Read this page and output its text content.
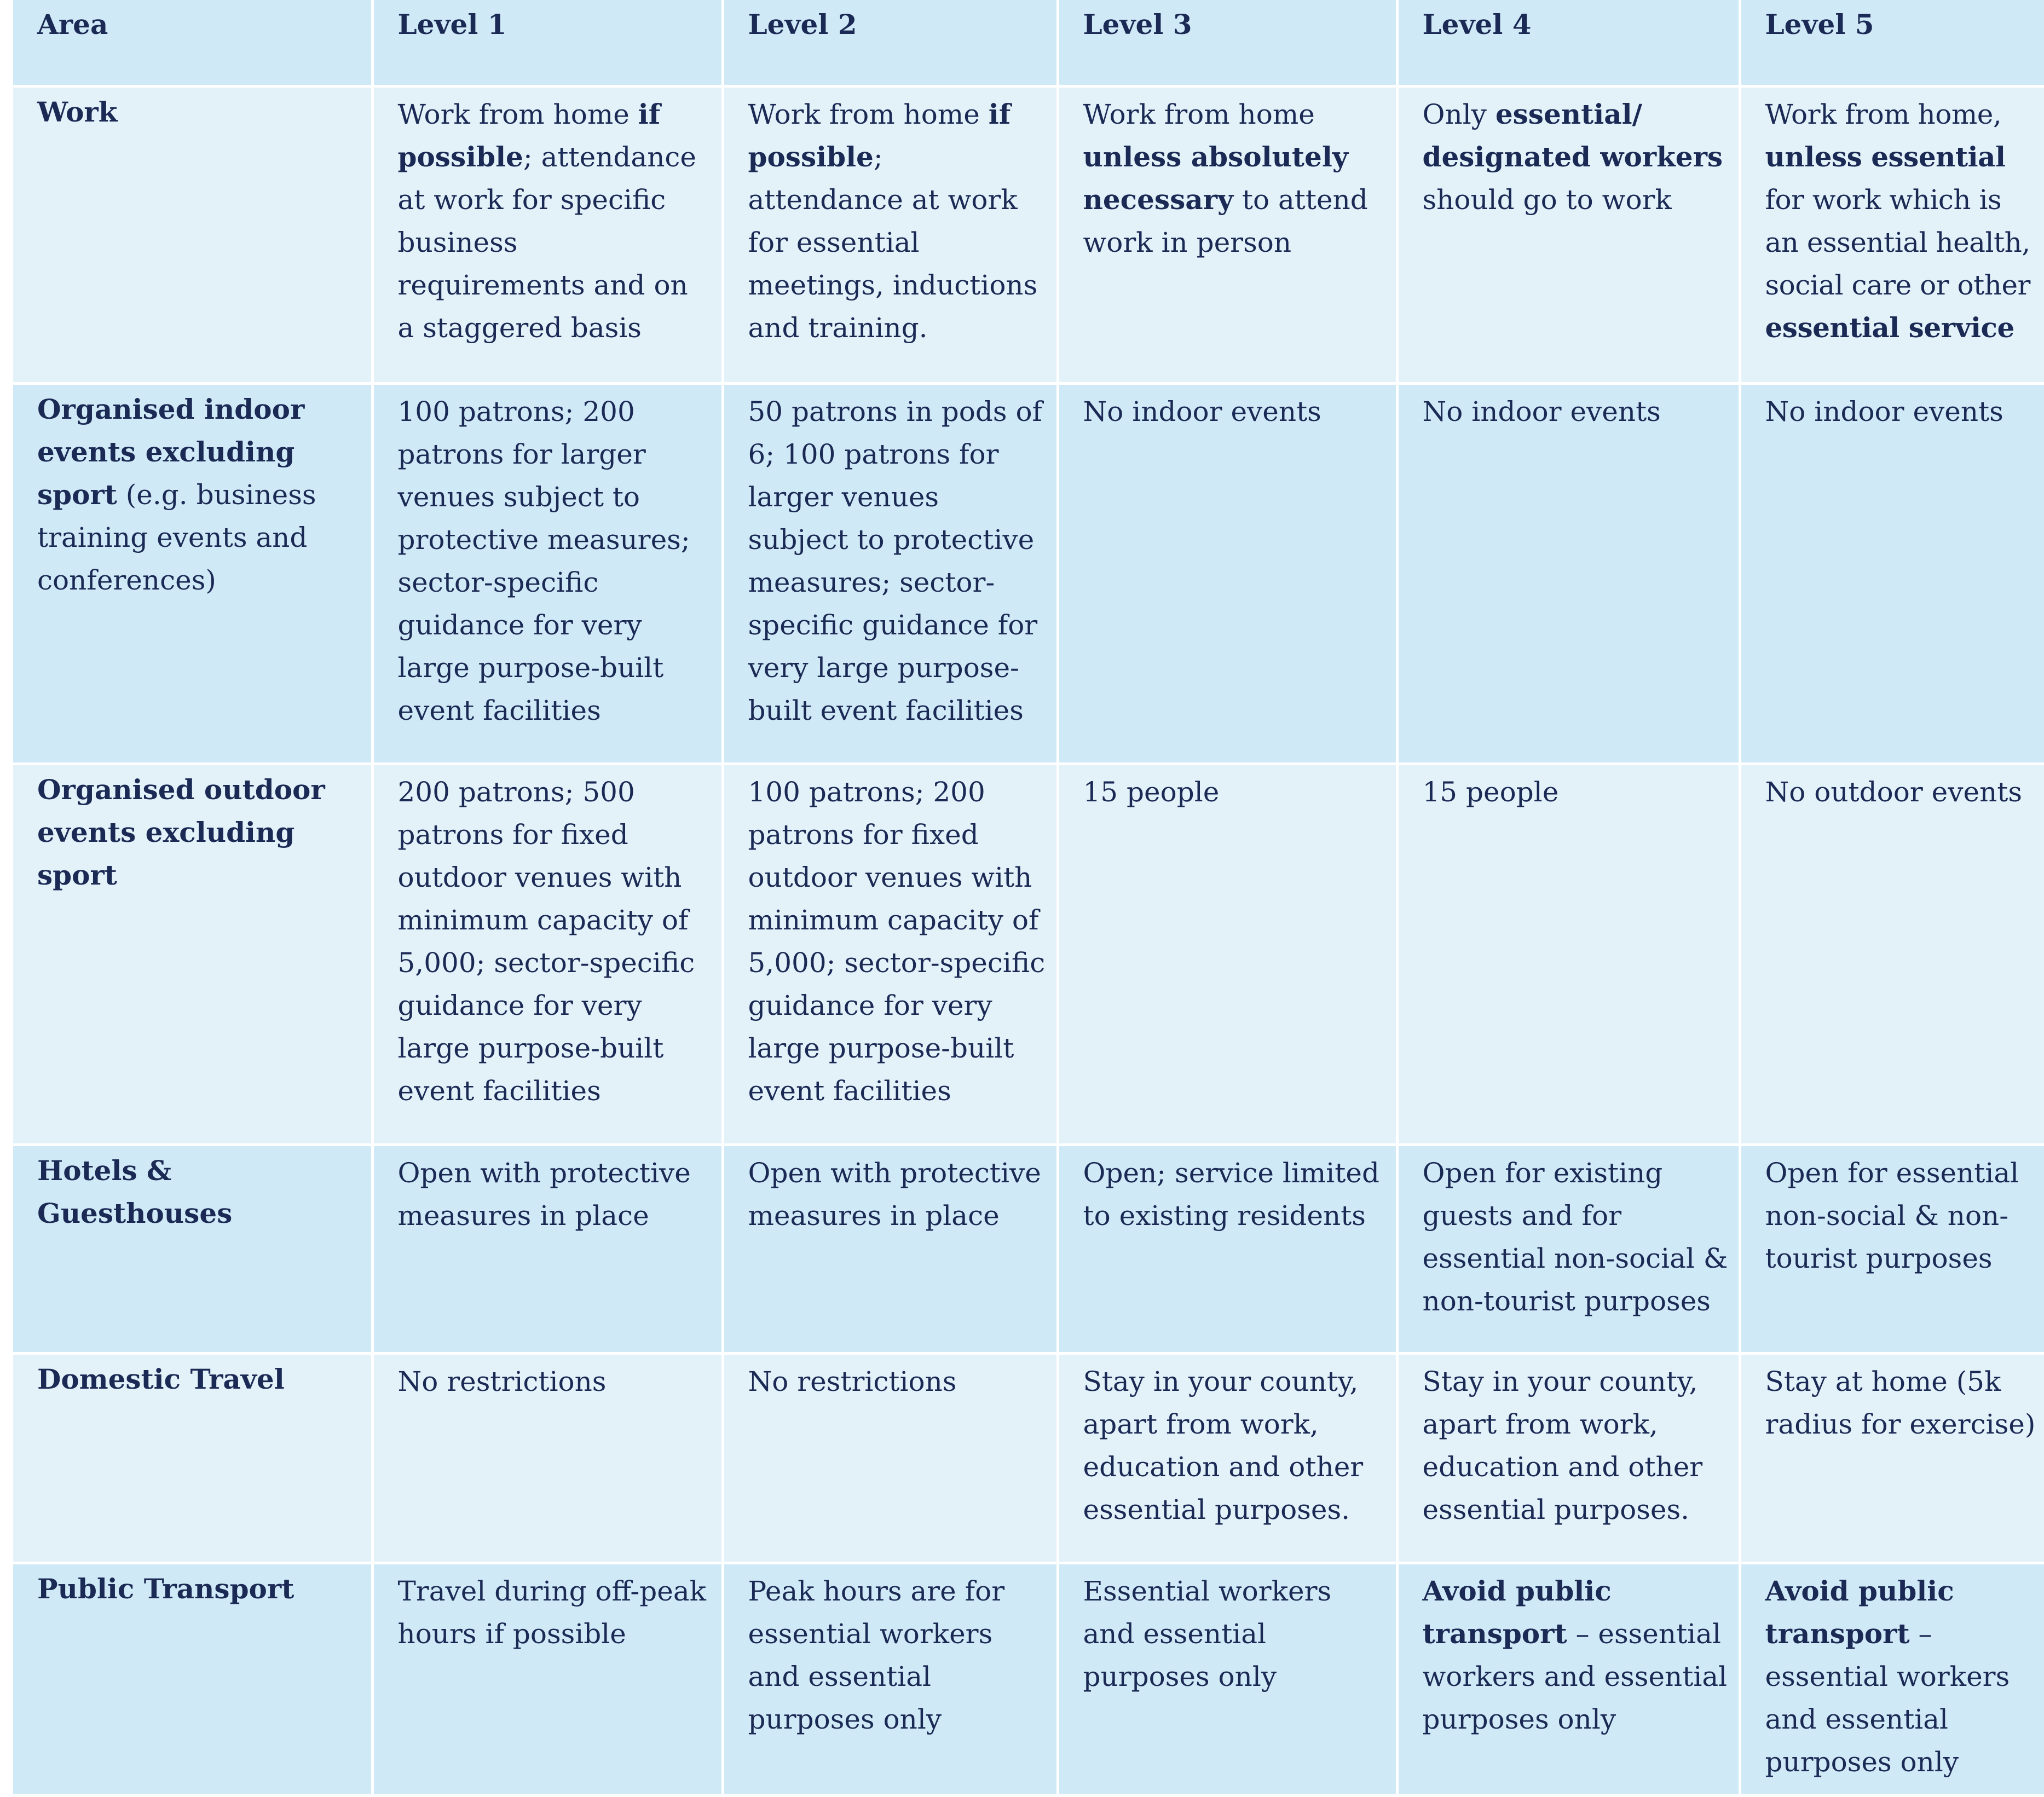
Area	Level 1	Level 2	Level 3	Level 4	Level 5
Work	Work from home if possible; attendance at work for specific business requirements and on a staggered basis	Work from home if possible; attendance at work for essential meetings, inductions and training.	Work from home unless absolutely necessary to attend work in person	Only essential/ designated workers should go to work	Work from home, unless essential for work which is an essential health, social care or other essential service
Organised indoor events excluding sport (e.g. business training events and conferences)	100 patrons; 200 patrons for larger venues subject to protective measures; sector-specific guidance for very large purpose-built event facilities	50 patrons in pods of 6; 100 patrons for larger venues subject to protective measures; sector-specific guidance for very large purpose-built event facilities	No indoor events	No indoor events	No indoor events
Organised outdoor events excluding sport	200 patrons; 500 patrons for fixed outdoor venues with minimum capacity of 5,000; sector-specific guidance for very large purpose-built event facilities	100 patrons; 200 patrons for fixed outdoor venues with minimum capacity of 5,000; sector-specific guidance for very large purpose-built event facilities	15 people	15 people	No outdoor events
Hotels & Guesthouses	Open with protective measures in place	Open with protective measures in place	Open; service limited to existing residents	Open for existing guests and for essential non-social & non-tourist purposes	Open for essential non-social & non-tourist purposes
Domestic Travel	No restrictions	No restrictions	Stay in your county, apart from work, education and other essential purposes.	Stay in your county, apart from work, education and other essential purposes.	Stay at home (5k radius for exercise)
Public Transport	Travel during off-peak hours if possible	Peak hours are for essential workers and essential purposes only	Essential workers and essential purposes only	Avoid public transport – essential workers and essential purposes only	Avoid public transport – essential workers and essential purposes only
